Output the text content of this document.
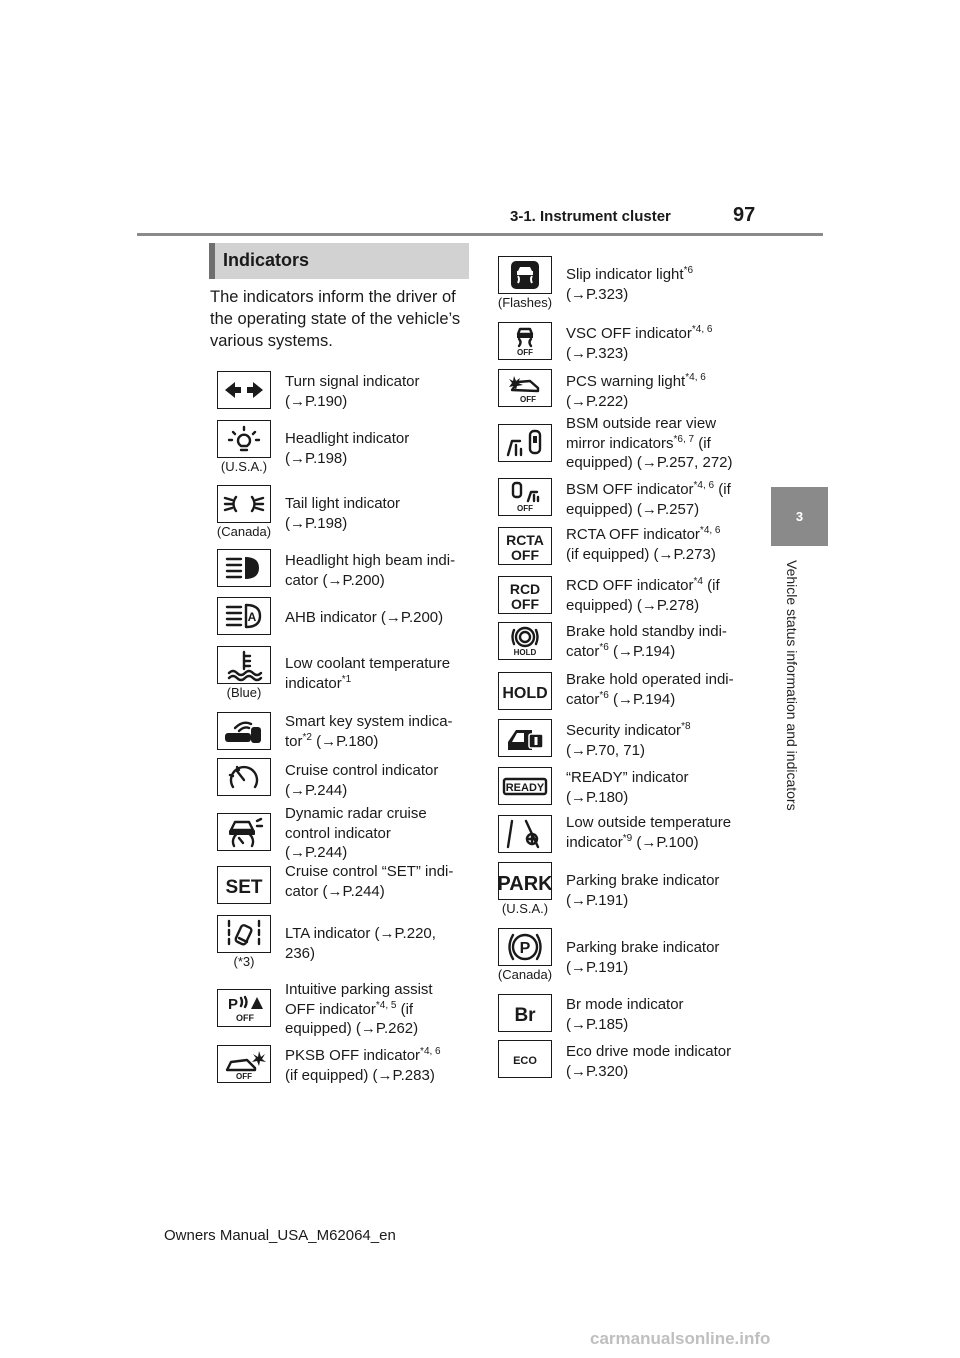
3-1. Instrument cluster	97
3
Vehicle status information and indicators
Indicators
The indicators inform the driver of the operating state of the vehicle’s various systems.
Turn signal indicator
(→P.190)
(U.S.A.)
Headlight indicator
(→P.198)
(Canada)
Tail light indicator
(→P.198)
Headlight high beam indi-
cator (→P.200)
A AHB indicator (→P.200)
(Blue)
Low coolant temperature
indicator$^{*1}$
Smart key system indica-
tor$^{*2}$ (→P.180)
Cruise control indicator
(→P.244)
Dynamic radar cruise
control indicator
(→P.244)
SET
Cruise control “SET” indi-
cator (→P.244)
(*3)
LTA indicator (→P.220,
236)
P
OFF
Intuitive parking assist
OFF indicator$^{*4, 5}$ (if
equipped) (→P.262)
OFF
PKSB OFF indicator$^{*4, 6}$
(if equipped) (→P.283)
(Flashes)
Slip indicator light$^{*6}$
(→P.323)
OFF
VSC OFF indicator$^{*4, 6}$
(→P.323)
OFF
PCS warning light$^{*4, 6}$
(→P.222)
BSM outside rear view
mirror indicators$^{*6, 7}$ (if
equipped) (→P.257, 272)
OFF
BSM OFF indicator$^{*4, 6}$ (if
equipped) (→P.257)
RCTA
OFF
RCTA OFF indicator$^{*4, 6}$
(if equipped) (→P.273)
RCD
OFF
RCD OFF indicator$^{*4}$ (if
equipped) (→P.278)
HOLD
Brake hold standby indi-
cator$^{*6}$ (→P.194)
HOLD
Brake hold operated indi-
cator$^{*6}$ (→P.194)
Security indicator$^{*8}$
(→P.70, 71)
READY
“READY” indicator
(→P.180)
Low outside temperature
indicator$^{*9}$ (→P.100)
PARK
(U.S.A.)
Parking brake indicator
(→P.191)
P
(Canada)
Parking brake indicator
(→P.191)
Br
Br mode indicator
(→P.185)
ECO
Eco drive mode indicator
(→P.320)
Owners Manual_USA_M62064_en
carmanualsonline.info
